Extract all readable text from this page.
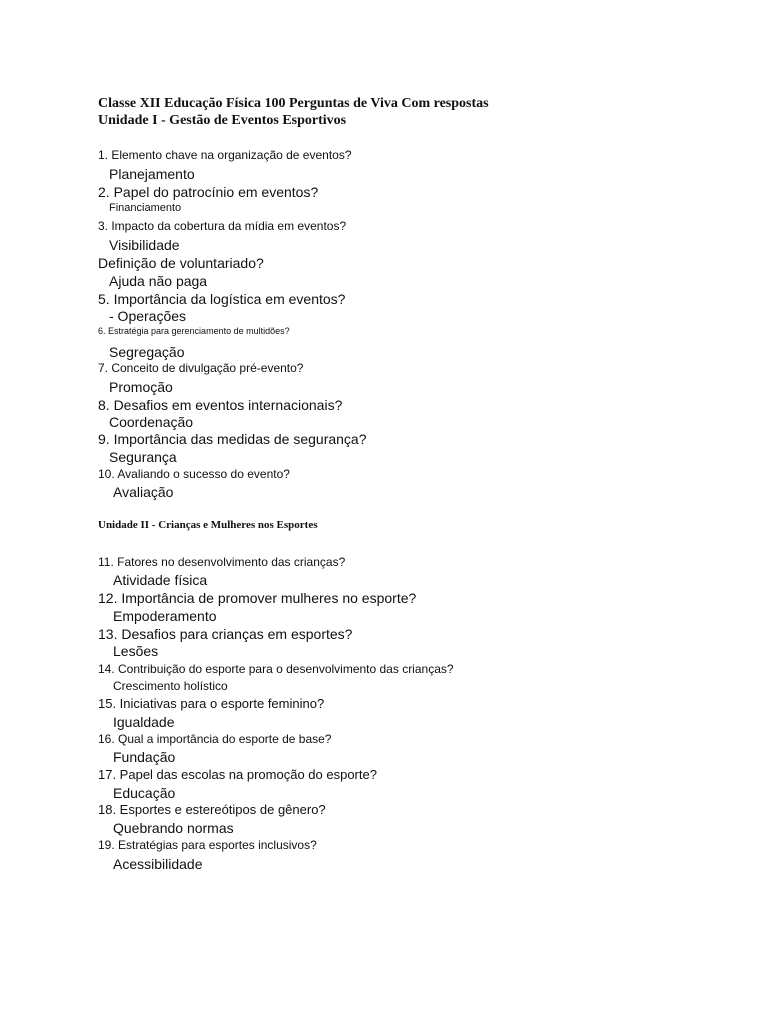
Classe XII Educação Física 100 Perguntas de Viva Com respostas
Unidade I - Gestão de Eventos Esportivos
1. Elemento chave na organização de eventos?
Planejamento
2. Papel do patrocínio em eventos?
Financiamento
3. Impacto da cobertura da mídia em eventos?
Visibilidade
Definição de voluntariado?
Ajuda não paga
5. Importância da logística em eventos?
- Operações
6. Estratégia para gerenciamento de multidões?
Segregação
7. Conceito de divulgação pré-evento?
Promoção
8. Desafios em eventos internacionais?
Coordenação
9. Importância das medidas de segurança?
Segurança
10. Avaliando o sucesso do evento?
Avaliação
Unidade II - Crianças e Mulheres nos Esportes
11. Fatores no desenvolvimento das crianças?
Atividade física
12. Importância de promover mulheres no esporte?
Empoderamento
13. Desafios para crianças em esportes?
Lesões
14. Contribuição do esporte para o desenvolvimento das crianças?
Crescimento holístico
15. Iniciativas para o esporte feminino?
Igualdade
16. Qual a importância do esporte de base?
Fundação
17. Papel das escolas na promoção do esporte?
Educação
18. Esportes e estereótipos de gênero?
Quebrando normas
19. Estratégias para esportes inclusivos?
Acessibilidade
